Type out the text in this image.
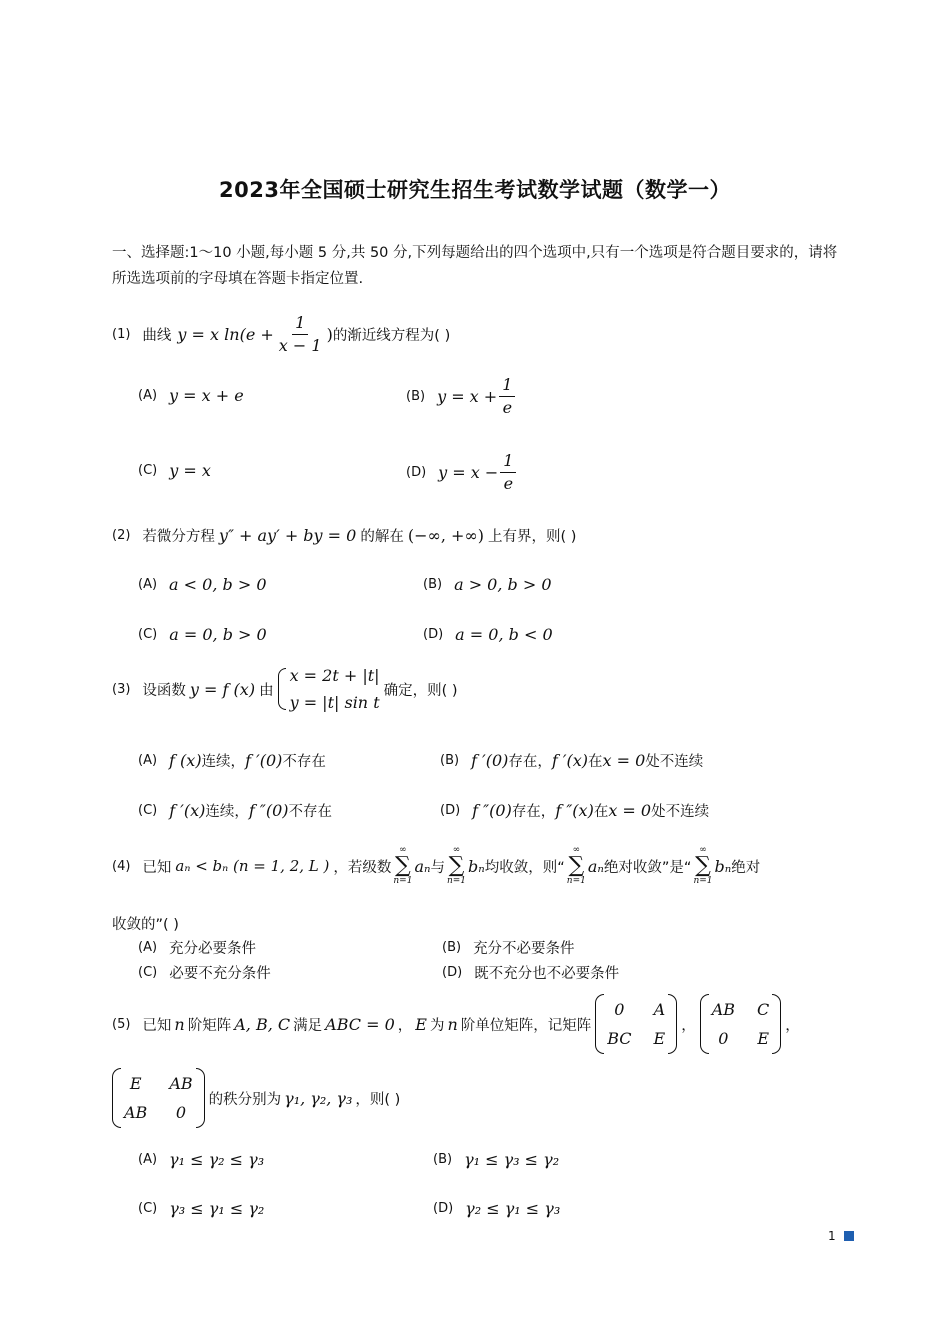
2023年全国硕士研究生招生考试数学试题（数学一）
一、选择题:1～10 小题,每小题 5 分,共 50 分,下列每题给出的四个选项中,只有一个选项是符合题目要求的，请将所选选项前的字母填在答题卡指定位置.
(1) 曲线 y = x $\ln(e + \frac{1}{x - 1}$ ) 的渐近线方程为( )
(A) y = x + e	(B) $y = x + \frac{1}{e}$
(C) y = x	(D) $y = x - \frac{1}{e}$
(2) 若微分方程 y″ + ay′ + by = 0 的解在 (−∞, +∞) 上有界，则( )
(A) a < 0, b > 0	(B) a > 0, b > 0
(C) a = 0, b > 0	(D) a = 0, b < 0
(3) 设函数 y = f (x) 由
x = 2t + |t|
y = |t| sin t
确定，则( )
(A) f (x) 连续， f ′(0) 不存在	(B) f ′(0) 存在， f ′(x) 在 x = 0 处不连续
(C) f ′(x) 连续， f ″(0) 不存在	(D) f ″(0) 存在， f ″(x) 在 x = 0 处不连续
(4) 已知 aₙ < bₙ (n = 1, 2, L ) ，若级数
∞
∑
n=1
aₙ 与
∞
∑
n=1
bₙ 均收敛，则“
∞
∑
n=1
aₙ 绝对收敛”是“
∞
∑
n=1
bₙ 绝对
收敛的”( )
(A) 充分必要条件	(B) 充分不必要条件
(C) 必要不充分条件	(D) 既不充分也不必要条件
(5) 已知 n 阶矩阵 A, B, C 满足 ABC = 0 ， E 为 n 阶单位矩阵，记矩阵
0	A
BC E
，
AB C
0	E
，
E	AB
AB	0
的秩分别为 γ₁, γ₂, γ₃ ，则( )
(A) γ₁ ≤ γ₂ ≤ γ₃	(B) γ₁ ≤ γ₃ ≤ γ₂
(C) γ₃ ≤ γ₁ ≤ γ₂	(D) γ₂ ≤ γ₁ ≤ γ₃
1
